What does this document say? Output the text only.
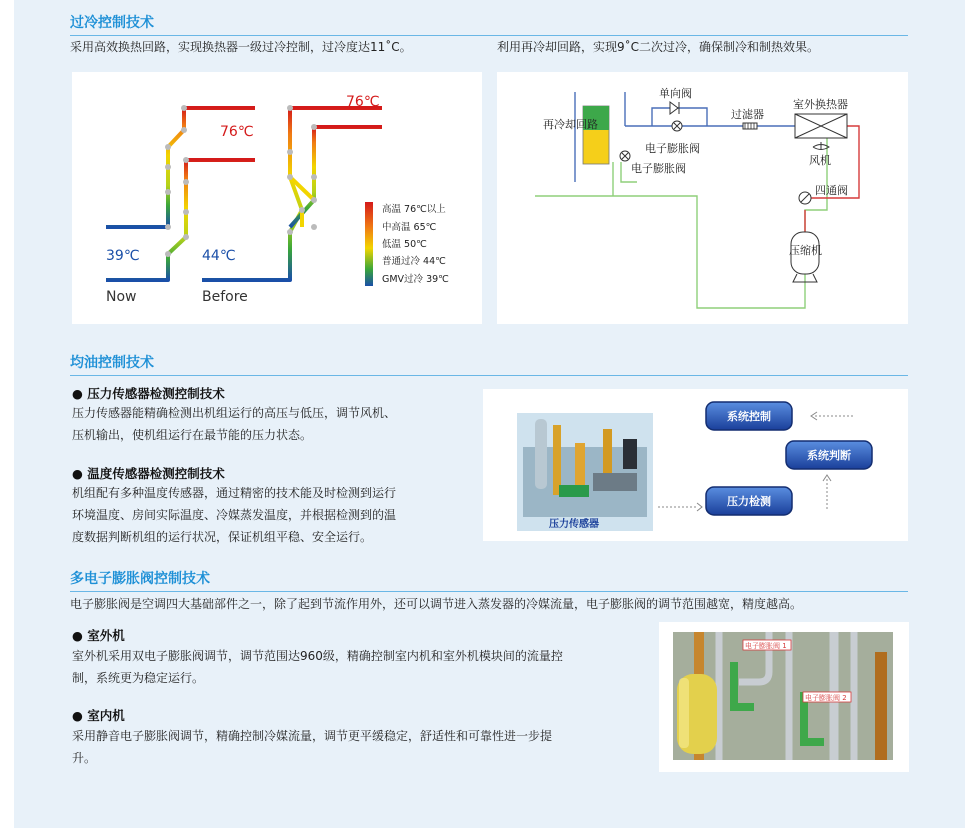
过冷控制技术
采用高效换热回路，实现换热器一级过冷控制，过冷度达11˚C。	利用再冷却回路，实现9˚C二次过冷，确保制冷和制热效果。
76℃
76℃
39℃	44℃
Now	Before
高温 76℃以上
中高温 65℃
低温 50℃
普通过冷 44℃
GMV过冷 39℃
再冷却回路
单向阀
电子膨胀阀
电子膨胀阀
过滤器
室外换热器
风机
四通阀
压缩机
均油控制技术
● 压力传感器检测控制技术
压力传感器能精确检测出机组运行的高压与低压，调节风机、
压机输出，使机组运行在最节能的压力状态。
● 温度传感器检测控制技术
机组配有多种温度传感器，通过精密的技术能及时检测到运行
环境温度、房间实际温度、冷媒蒸发温度，并根据检测到的温
度数据判断机组的运行状况，保证机组平稳、安全运行。
压力传感器
系统控制
系统判断
压力检测
多电子膨胀阀控制技术
电子膨胀阀是空调四大基础部件之一，除了起到节流作用外，还可以调节进入蒸发器的冷媒流量，电子膨胀阀的调节范围越宽，精度越高。
● 室外机
室外机采用双电子膨胀阀调节，调节范围达960级，精确控制室内机和室外机模块间的流量控
制，系统更为稳定运行。
● 室内机
采用静音电子膨胀阀调节，精确控制冷媒流量，调节更平缓稳定，舒适性和可靠性进一步提
升。
电子膨胀阀 1
电子膨胀阀 2
